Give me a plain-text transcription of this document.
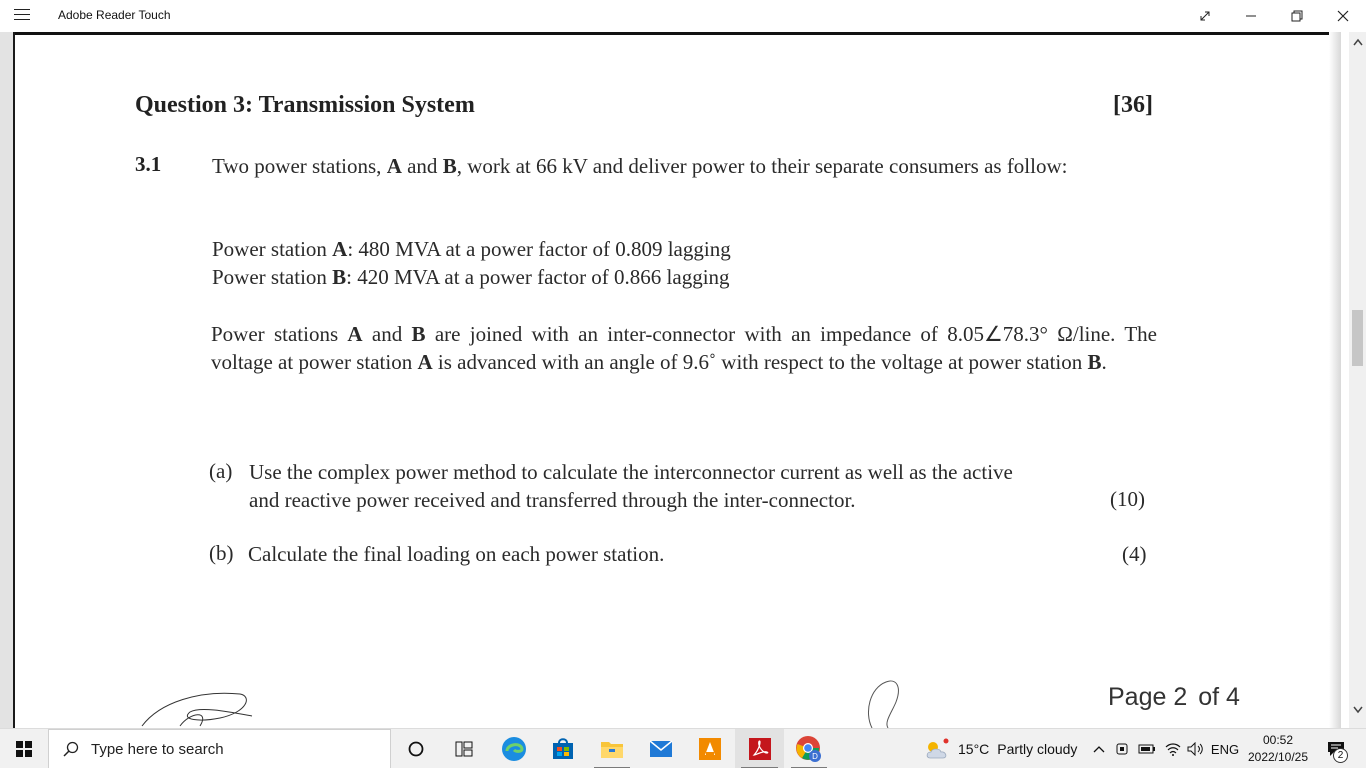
Adobe Reader Touch
Question 3: Transmission System	[36]
3.1 Two power stations, A and B, work at 66 kV and deliver power to their separate consumers as follow:
Power station A: 480 MVA at a power factor of 0.809 lagging
Power station B: 420 MVA at a power factor of 0.866 lagging
Power stations A and B are joined with an inter-connector with an impedance of 8.05∠78.3° Ω/line. The voltage at power station A is advanced with an angle of 9.6˚ with respect to the voltage at power station B.
(a) Use the complex power method to calculate the interconnector current as well as the active
and reactive power received and transferred through the inter-connector.	(10)
(b) Calculate the final loading on each power station.	(4)
Page 2 of 4
Type here to search
D	15°C Partly cloudy	ENG
00:52
2022/10/25	2
